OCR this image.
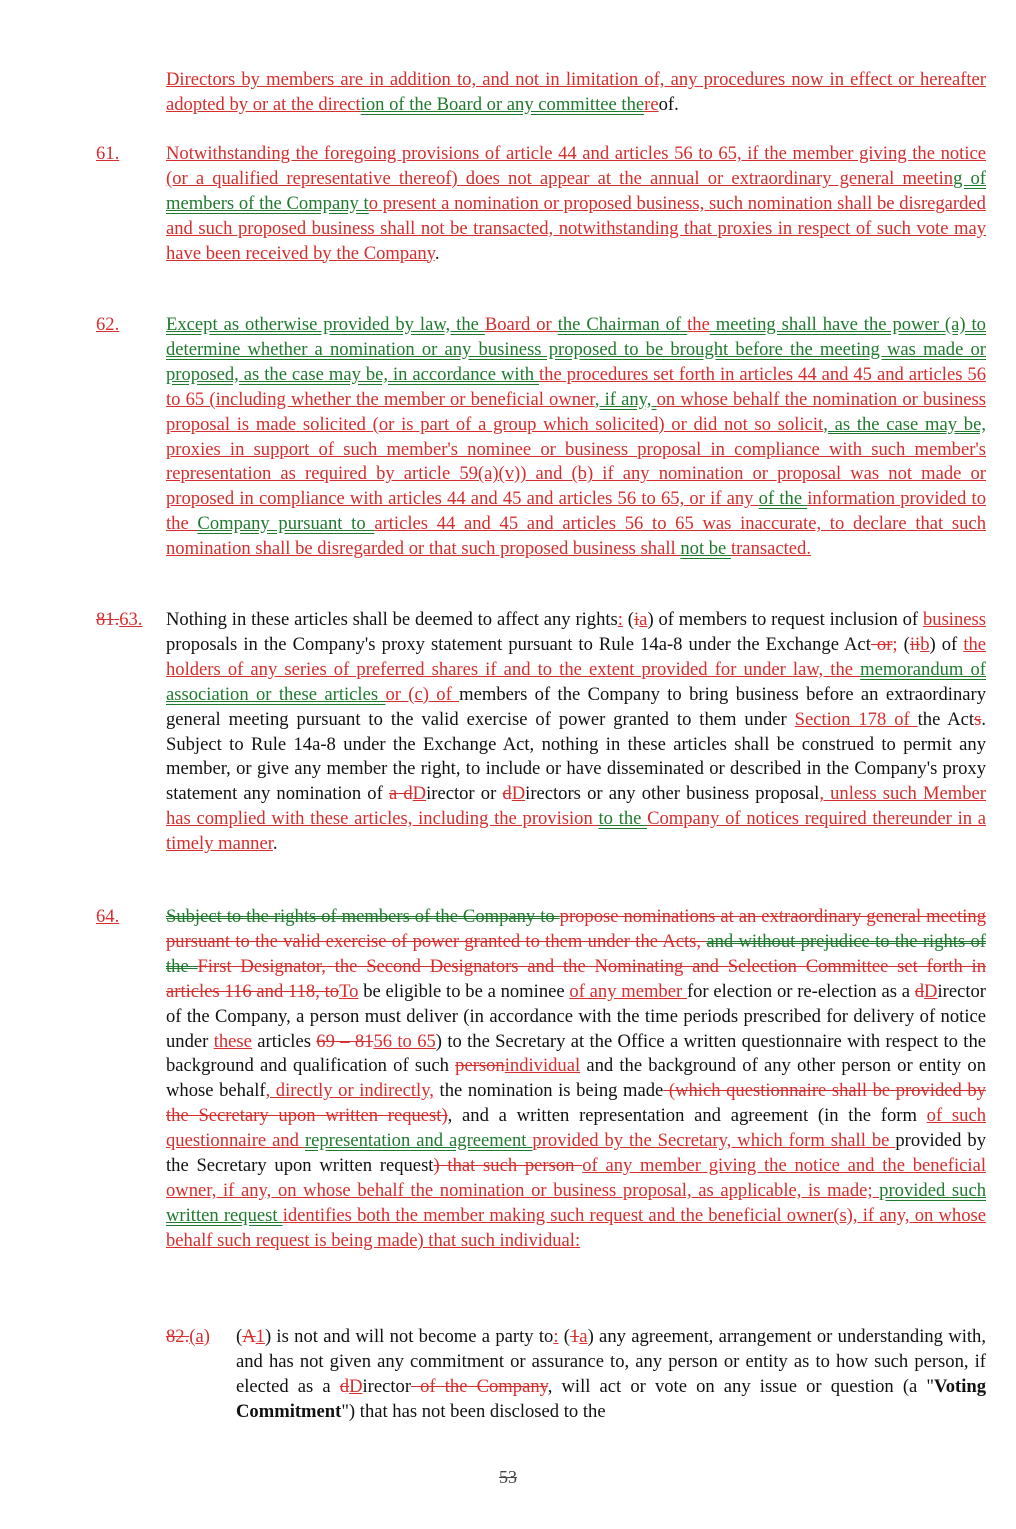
Directors by members are in addition to, and not in limitation of, any procedures now in effect or hereafter adopted by or at the direction of the Board or any committee thereof.
61.	Notwithstanding the foregoing provisions of article 44 and articles 56 to 65, if the member giving the notice (or a qualified representative thereof) does not appear at the annual or extraordinary general meeting of members of the Company to present a nomination or proposed business, such nomination shall be disregarded and such proposed business shall not be transacted, notwithstanding that proxies in respect of such vote may have been received by the Company.
62.	Except as otherwise provided by law, the Board or the Chairman of the meeting shall have the power (a) to determine whether a nomination or any business proposed to be brought before the meeting was made or proposed, as the case may be, in accordance with the procedures set forth in articles 44 and 45 and articles 56 to 65 (including whether the member or beneficial owner, if any, on whose behalf the nomination or business proposal is made solicited (or is part of a group which solicited) or did not so solicit, as the case may be, proxies in support of such member's nominee or business proposal in compliance with such member's representation as required by article 59(a)(v)) and (b) if any nomination or proposal was not made or proposed in compliance with articles 44 and 45 and articles 56 to 65, or if any of the information provided to the Company pursuant to articles 44 and 45 and articles 56 to 65 was inaccurate, to declare that such nomination shall be disregarded or that such proposed business shall not be transacted.
81.63. Nothing in these articles shall be deemed to affect any rights: (ia) of members to request inclusion of business proposals in the Company's proxy statement pursuant to Rule 14a-8 under the Exchange Act or; (iib) of the holders of any series of preferred shares if and to the extent provided for under law, the memorandum of association or these articles or (c) of members of the Company to bring business before an extraordinary general meeting pursuant to the valid exercise of power granted to them under Section 178 of the Acts. Subject to Rule 14a-8 under the Exchange Act, nothing in these articles shall be construed to permit any member, or give any member the right, to include or have disseminated or described in the Company's proxy statement any nomination of a dDirector or dDirectors or any other business proposal, unless such Member has complied with these articles, including the provision to the Company of notices required thereunder in a timely manner.
64.	Subject to the rights of members of the Company to propose nominations at an extraordinary general meeting pursuant to the valid exercise of power granted to them under the Acts, and without prejudice to the rights of the First Designator, the Second Designators and the Nominating and Selection Committee set forth in articles 116 and 118, toTo be eligible to be a nominee of any member for election or re-election as a dDirector of the Company, a person must deliver (in accordance with the time periods prescribed for delivery of notice under these articles 69 – 8156 to 65) to the Secretary at the Office a written questionnaire with respect to the background and qualification of such personindividual and the background of any other person or entity on whose behalf, directly or indirectly, the nomination is being made (which questionnaire shall be provided by the Secretary upon written request), and a written representation and agreement (in the form of such questionnaire and representation and agreement provided by the Secretary, which form shall be provided by the Secretary upon written request) that such person of any member giving the notice and the beneficial owner, if any, on whose behalf the nomination or business proposal, as applicable, is made; provided such written request identifies both the member making such request and the beneficial owner(s), if any, on whose behalf such request is being made) that such individual:
82.(a) (A1) is not and will not become a party to: (1a) any agreement, arrangement or understanding with, and has not given any commitment or assurance to, any person or entity as to how such person, if elected as a dDirector of the Company, will act or vote on any issue or question (a "Voting Commitment") that has not been disclosed to the
53
